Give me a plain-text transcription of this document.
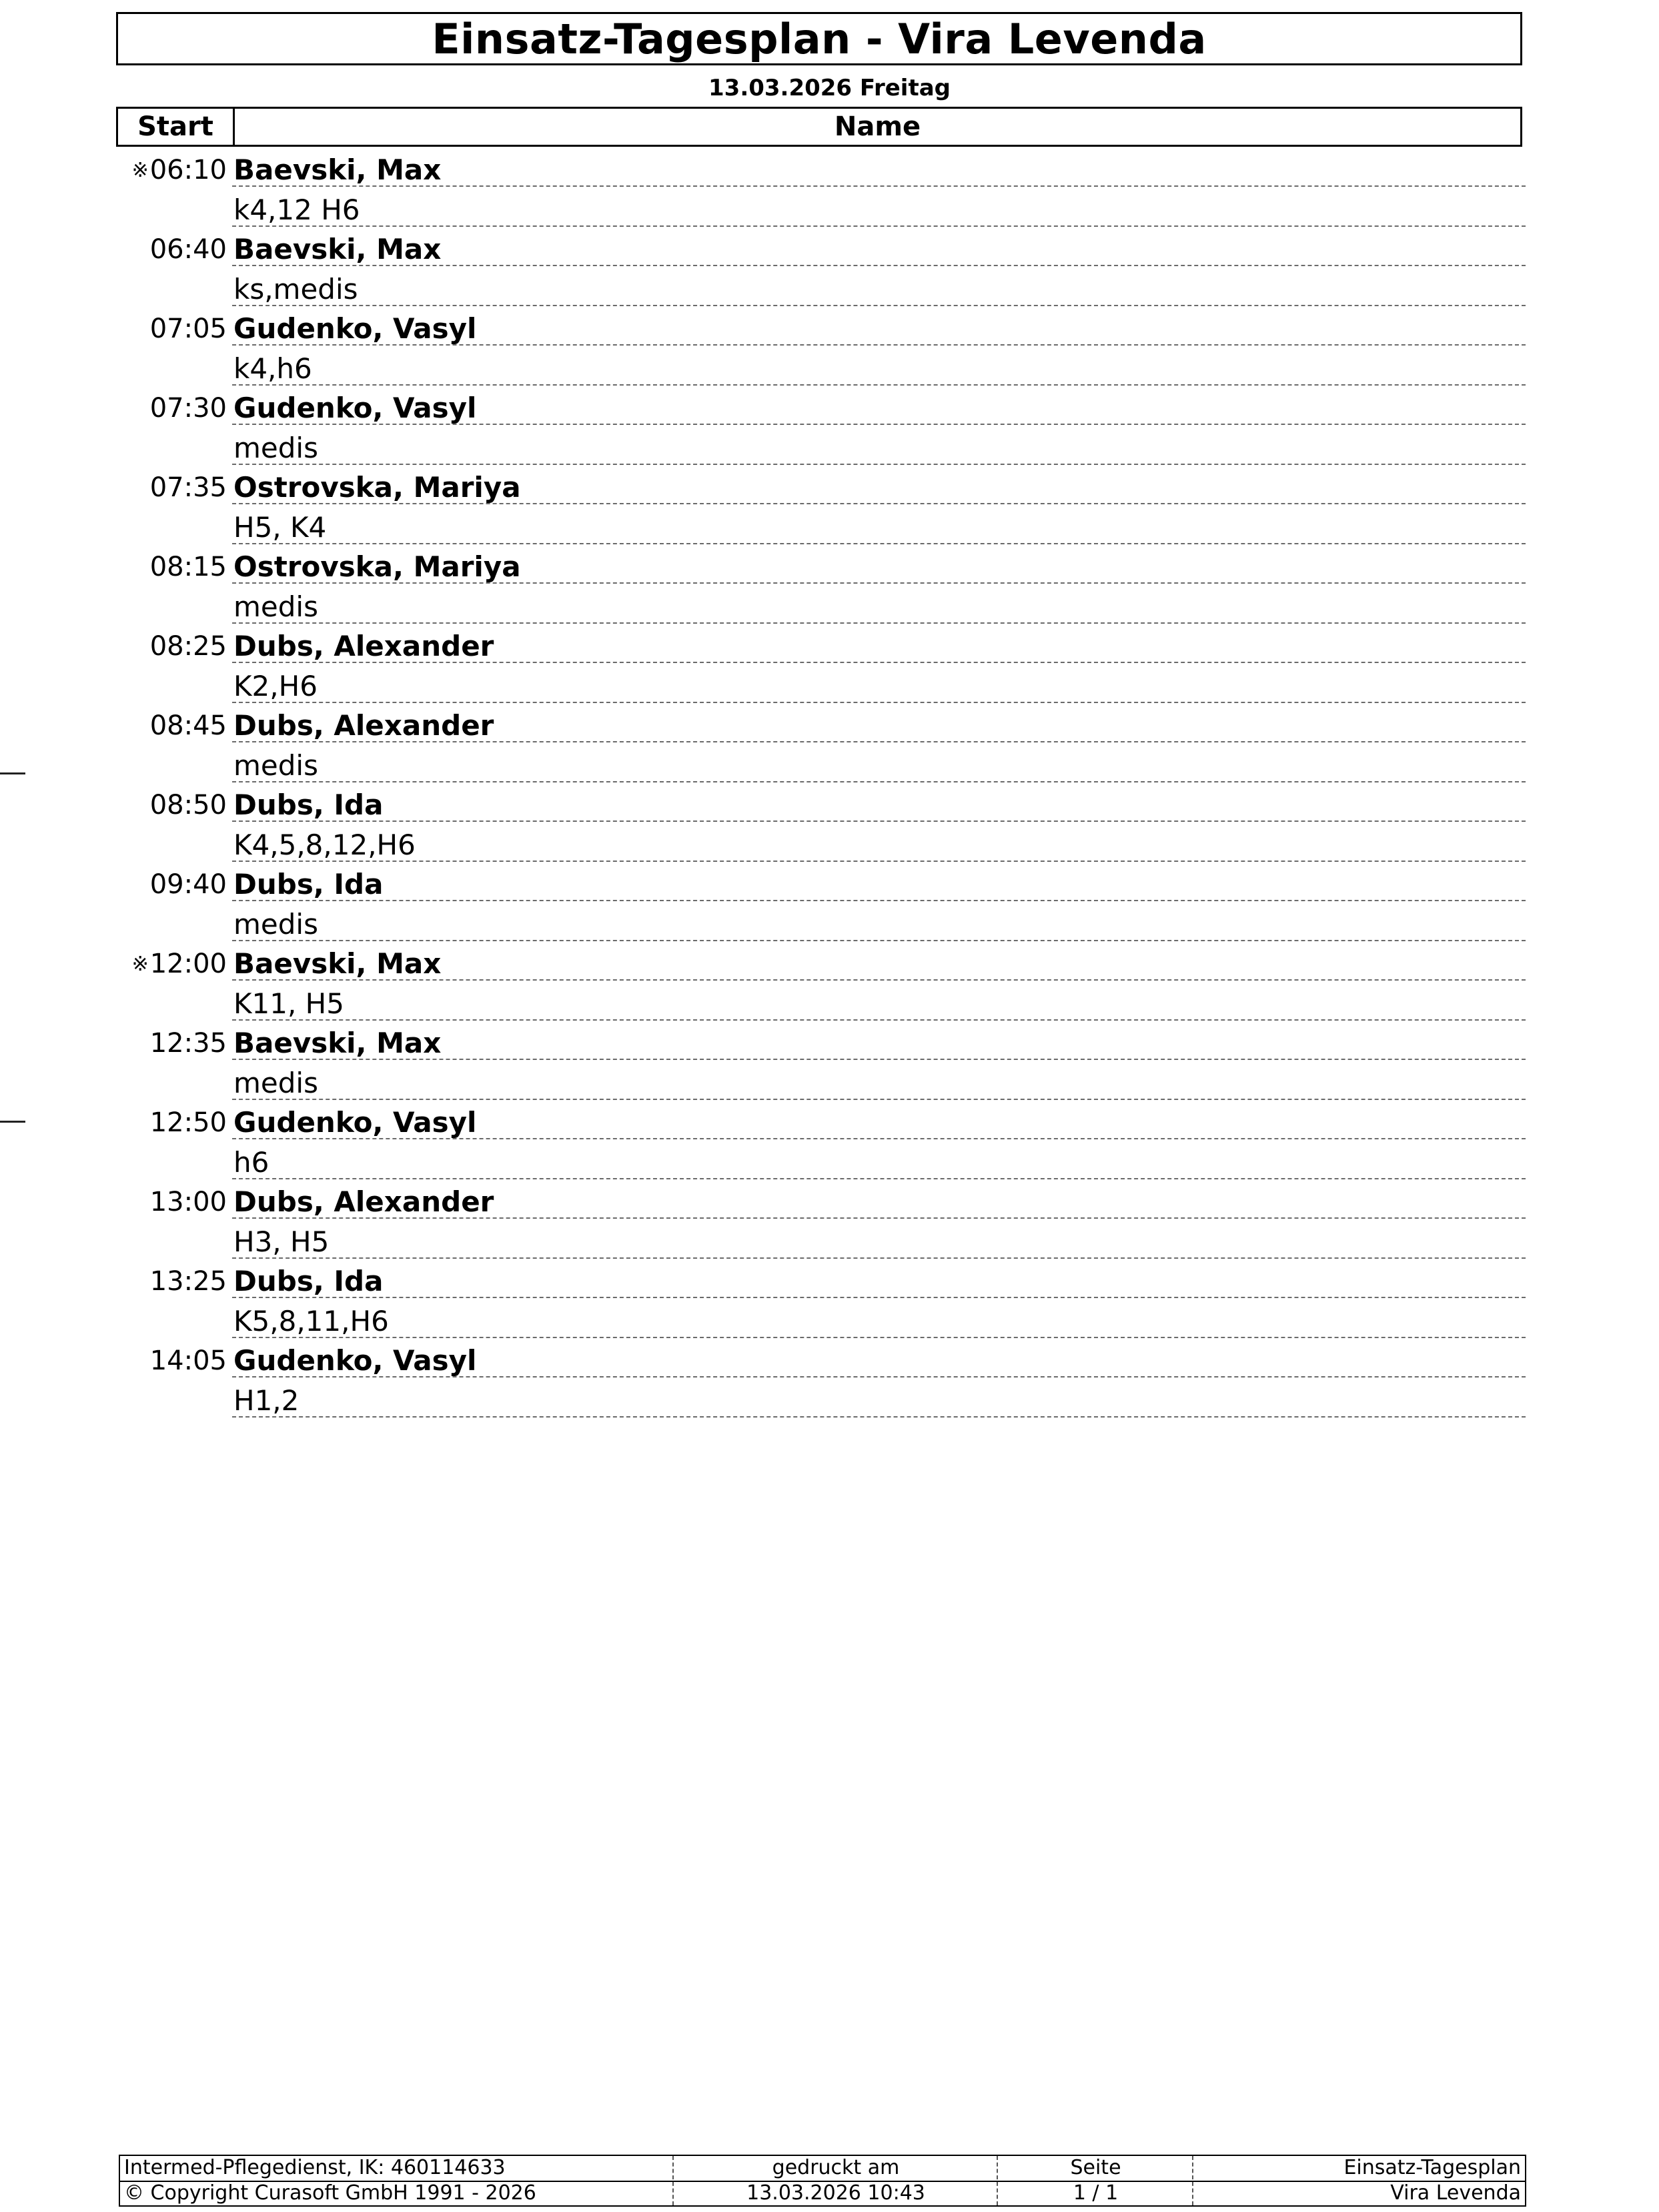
Einsatz-Tagesplan - Vira Levenda
13.03.2026 Freitag
Start	Name
※ 06:10 Baevski, Max
k4,12 H6
06:40 Baevski, Max
ks,medis
07:05 Gudenko, Vasyl
k4,h6
07:30 Gudenko, Vasyl
medis
07:35 Ostrovska, Mariya
H5, K4
08:15 Ostrovska, Mariya
medis
08:25 Dubs, Alexander
K2,H6
08:45 Dubs, Alexander
medis
08:50 Dubs, Ida
K4,5,8,12,H6
09:40 Dubs, Ida
medis
※ 12:00 Baevski, Max
K11, H5
12:35 Baevski, Max
medis
12:50 Gudenko, Vasyl
h6
13:00 Dubs, Alexander
H3, H5
13:25 Dubs, Ida
K5,8,11,H6
14:05 Gudenko, Vasyl
H1,2
Intermed-Pflegedienst, IK: 460114633
© Copyright Curasoft GmbH 1991 - 2026
gedruckt am
13.03.2026 10:43
Seite
1 / 1
Einsatz-Tagesplan
Vira Levenda
